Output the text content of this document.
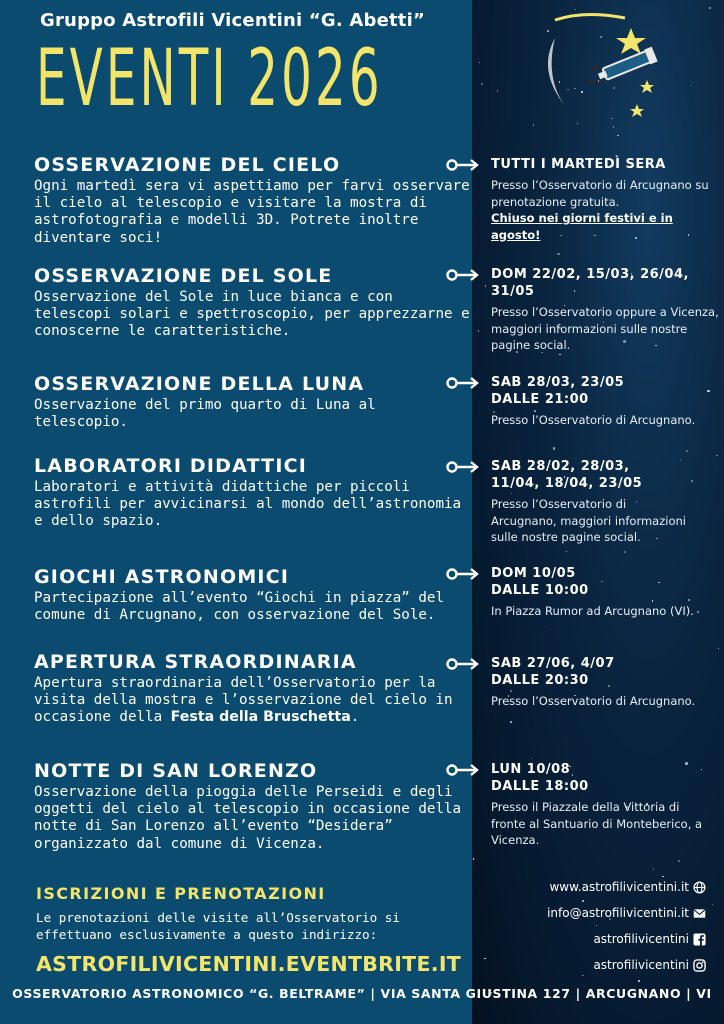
Gruppo Astrofili Vicentini “G. Abetti”
EVENTI 2026
OSSERVAZIONE DEL CIELO
Ogni martedì sera vi aspettiamo per farvi osservare il cielo al telescopio e visitare la mostra di astrofotografia e modelli 3D. Potrete inoltre diventare soci!
TUTTI I MARTEDÌ SERA
Presso l’Osservatorio di Arcugnano su prenotazione gratuita.
Chiuso nei giorni festivi e in agosto!
OSSERVAZIONE DEL SOLE
Osservazione del Sole in luce bianca e con telescopi solari e spettroscopio, per apprezzarne e conoscerne le caratteristiche.
DOM 22/02, 15/03, 26/04, 31/05
Presso l’Osservatorio oppure a Vicenza, maggiori informazioni sulle nostre pagine social.
OSSERVAZIONE DELLA LUNA
Osservazione del primo quarto di Luna al telescopio.
SAB 28/03, 23/05
DALLE 21:00
Presso l’Osservatorio di Arcugnano.
LABORATORI DIDATTICI
Laboratori e attività didattiche per piccoli astrofili per avvicinarsi al mondo dell’astronomia e dello spazio.
SAB 28/02, 28/03, 11/04, 18/04, 23/05
Presso l’Osservatorio di Arcugnano, maggiori informazioni sulle nostre pagine social.
GIOCHI ASTRONOMICI
Partecipazione all’evento “Giochi in piazza” del comune di Arcugnano, con osservazione del Sole.
DOM 10/05
DALLE 10:00
In Piazza Rumor ad Arcugnano (VI).
APERTURA STRAORDINARIA
Apertura straordinaria dell’Osservatorio per la visita della mostra e l’osservazione del cielo in occasione della Festa della Bruschetta.
SAB 27/06, 4/07
DALLE 20:30
Presso l’Osservatorio di Arcugnano.
NOTTE DI SAN LORENZO
Osservazione della pioggia delle Perseidi e degli oggetti del cielo al telescopio in occasione della notte di San Lorenzo all’evento “Desidera” organizzato dal comune di Vicenza.
LUN 10/08
DALLE 18:00
Presso il Piazzale della Vittoria di fronte al Santuario di Monteberico, a Vicenza.
ISCRIZIONI E PRENOTAZIONI
Le prenotazioni delle visite all’Osservatorio si effettuano esclusivamente a questo indirizzo:
ASTROFILIVICENTINI.EVENTBRITE.IT
www.astrofilivicentini.it
info@astrofilivicentini.it
astrofilivicentini
astrofilivicentini
OSSERVATORIO ASTRONOMICO “G. BELTRAME” | VIA SANTA GIUSTINA 127 | ARCUGNANO | VI
